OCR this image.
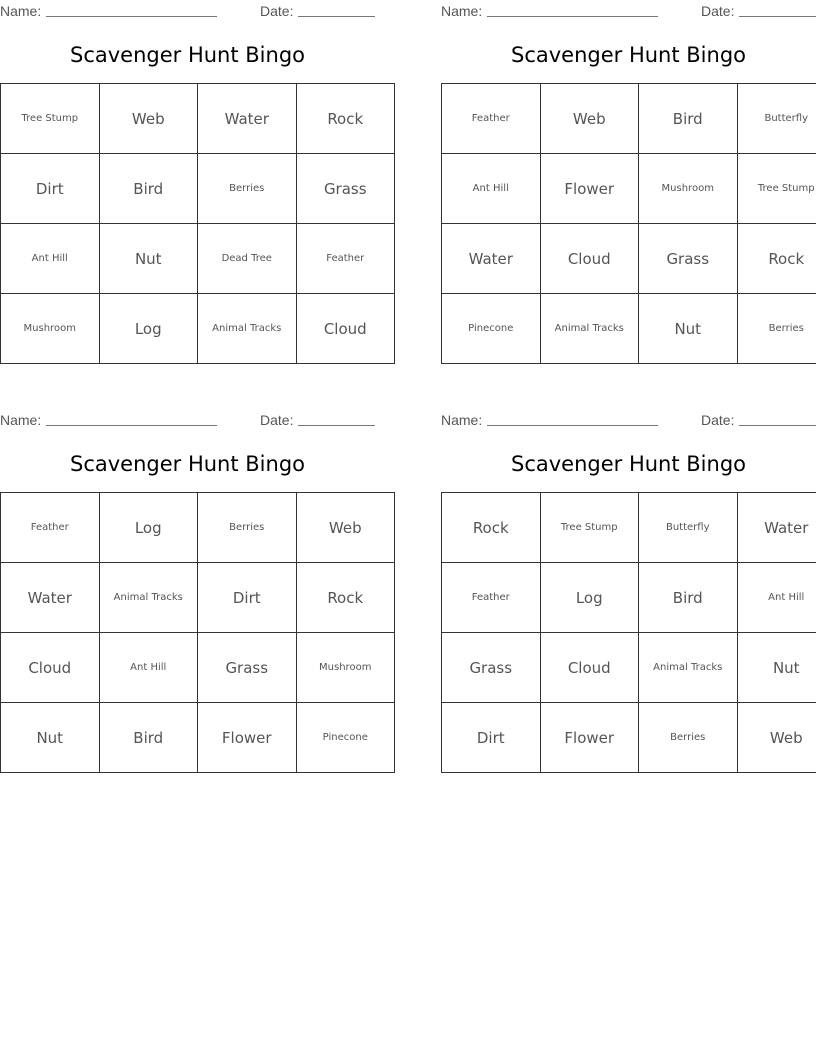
Name:	Date:
Scavenger Hunt Bingo
Tree Stump	Web	Water	Rock
Dirt	Bird	Berries	Grass
Ant Hill	Nut	Dead Tree	Feather
Mushroom	Log	Animal Tracks	Cloud
Name:	Date:
Scavenger Hunt Bingo
Feather	Web	Bird	Butterfly
Ant Hill	Flower	Mushroom	Tree Stump
Water	Cloud	Grass	Rock
Pinecone	Animal Tracks	Nut	Berries
Name:	Date:
Scavenger Hunt Bingo
Feather	Log	Berries	Web
Water	Animal Tracks	Dirt	Rock
Cloud	Ant Hill	Grass	Mushroom
Nut	Bird	Flower	Pinecone
Name:	Date:
Scavenger Hunt Bingo
Rock	Tree Stump	Butterfly	Water
Feather	Log	Bird	Ant Hill
Grass	Cloud	Animal Tracks	Nut
Dirt	Flower	Berries	Web
